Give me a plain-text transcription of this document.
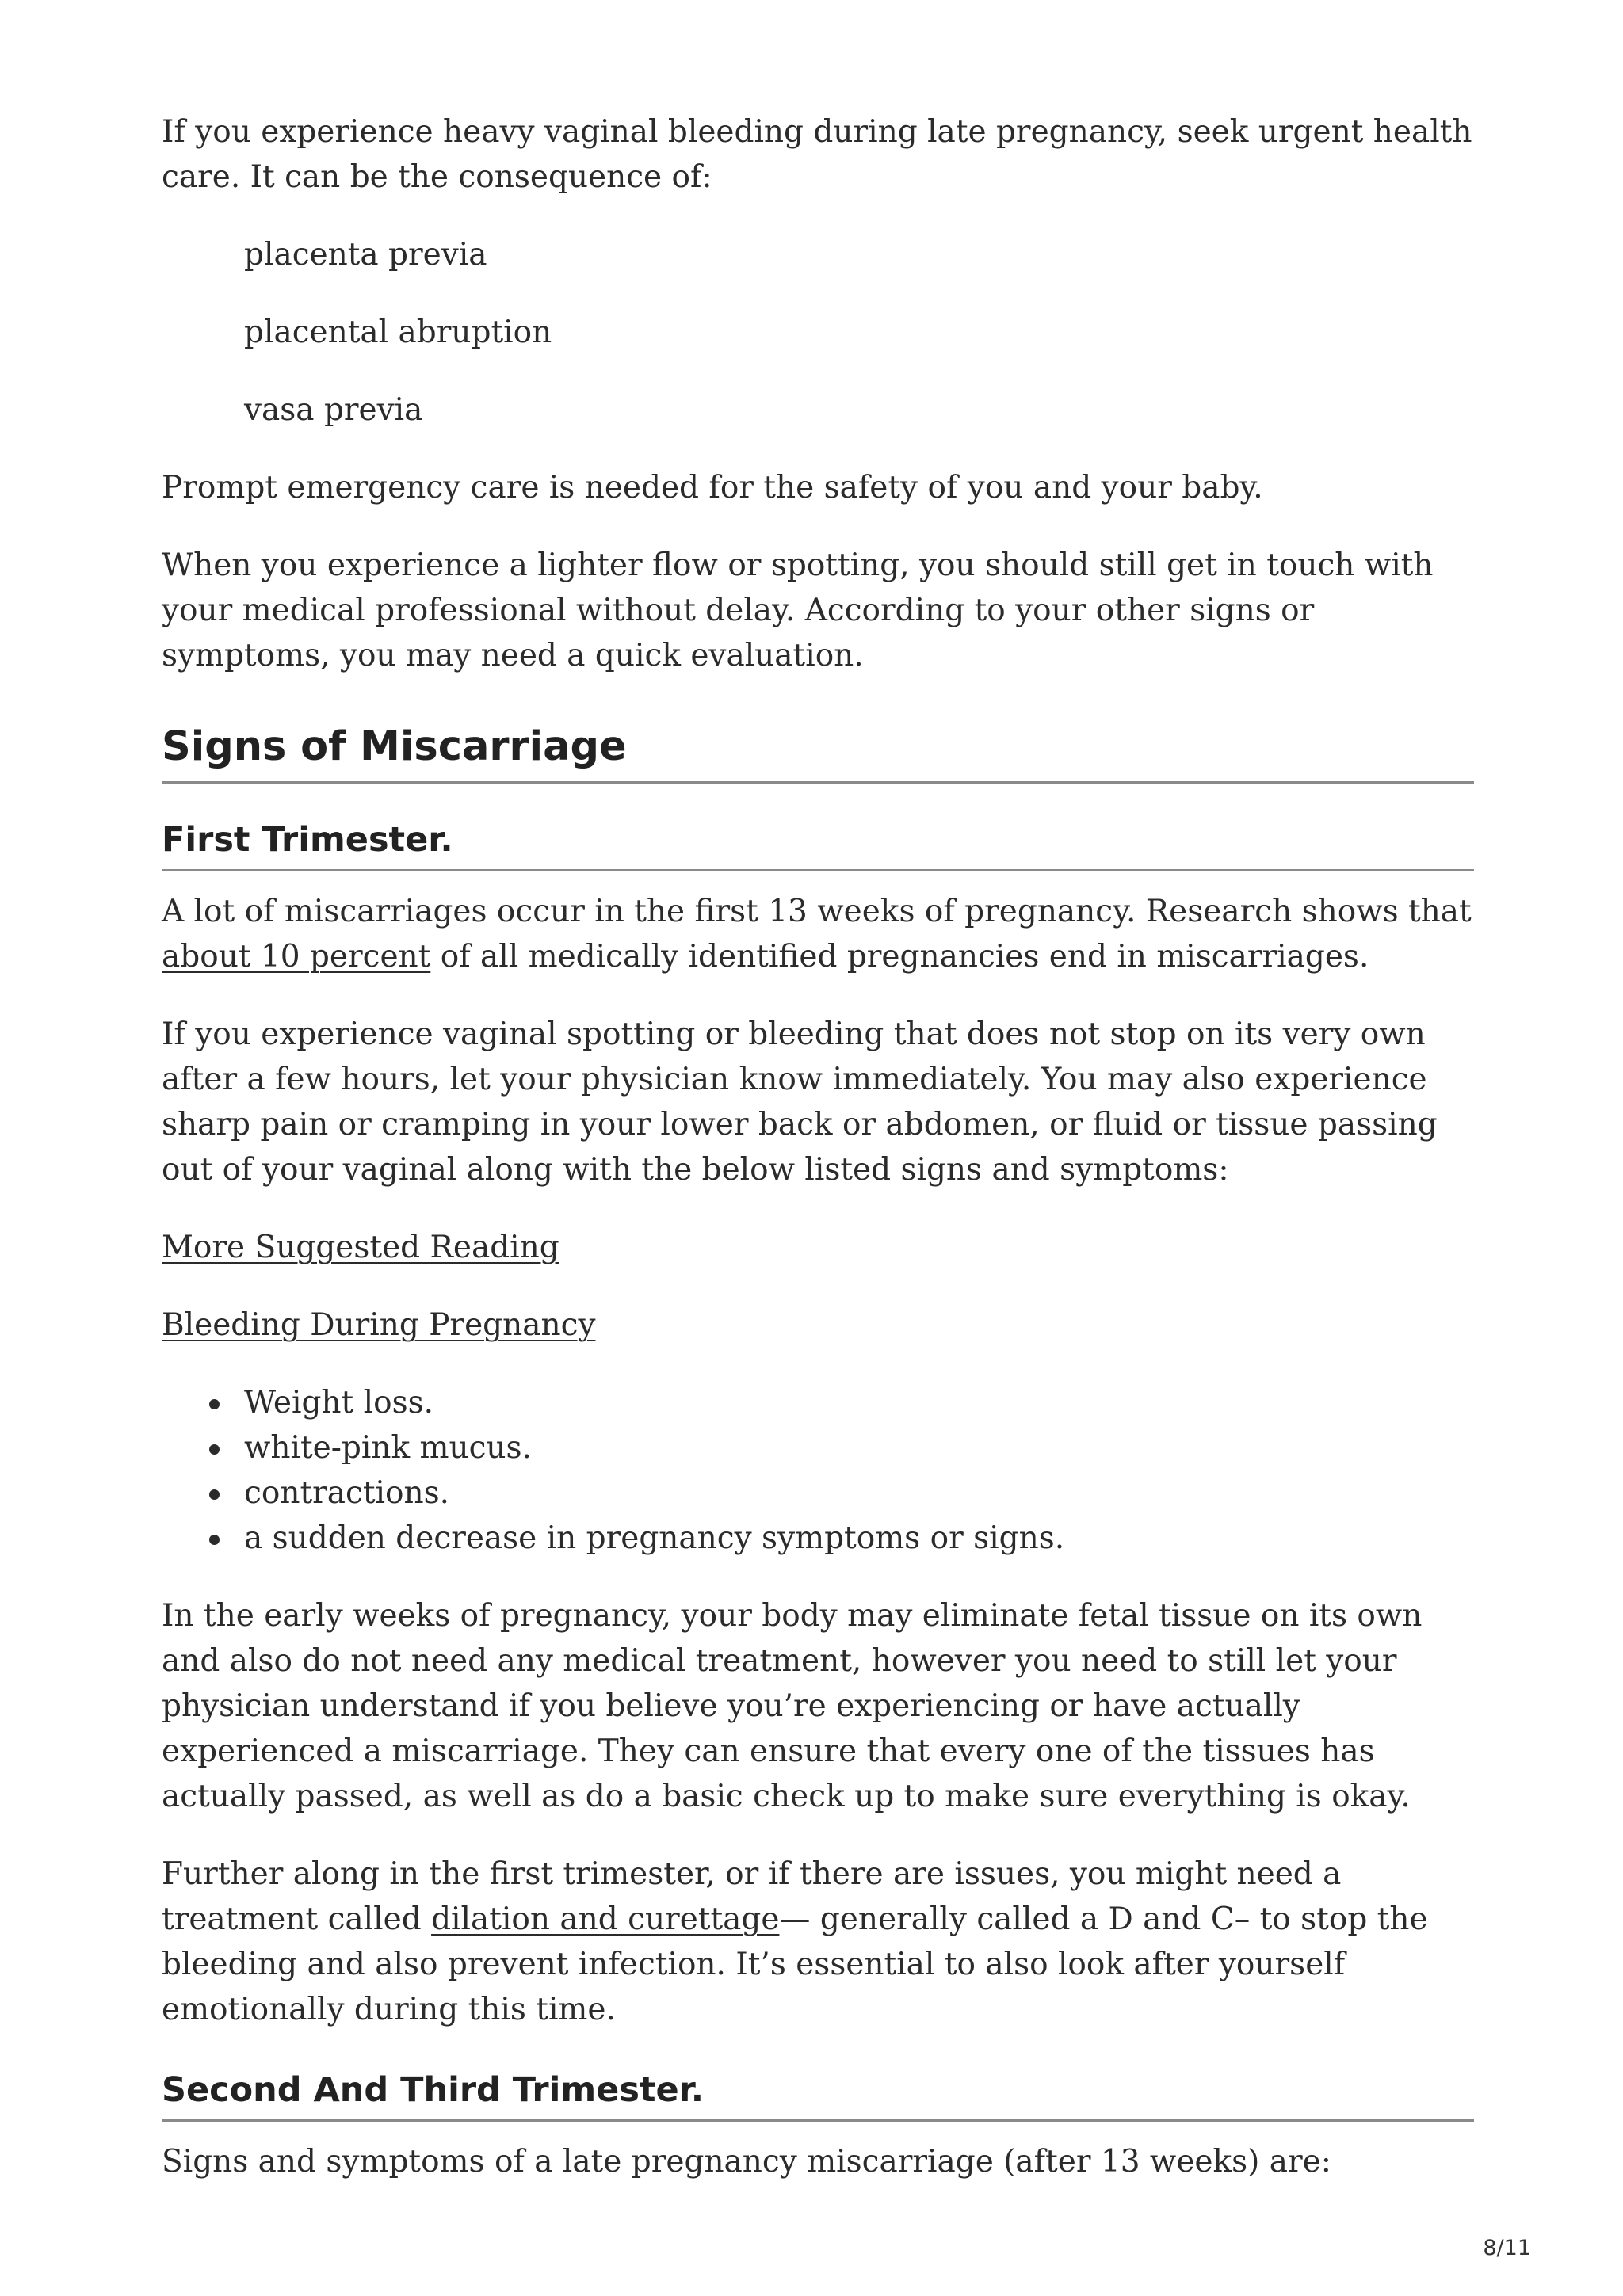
If you experience heavy vaginal bleeding during late pregnancy, seek urgent health care. It can be the consequence of:

placenta previa

placental abruption

vasa previa

Prompt emergency care is needed for the safety of you and your baby.

When you experience a lighter flow or spotting, you should still get in touch with your medical professional without delay. According to your other signs or symptoms, you may need a quick evaluation.

Signs of Miscarriage
First Trimester.

A lot of miscarriages occur in the first 13 weeks of pregnancy. Research shows that about 10 percent of all medically identified pregnancies end in miscarriages.

If you experience vaginal spotting or bleeding that does not stop on its very own after a few hours, let your physician know immediately. You may also experience sharp pain or cramping in your lower back or abdomen, or fluid or tissue passing out of your vaginal along with the below listed signs and symptoms:

More Suggested Reading

Bleeding During Pregnancy

Weight loss.
white-pink mucus.
contractions.
a sudden decrease in pregnancy symptoms or signs.

In the early weeks of pregnancy, your body may eliminate fetal tissue on its own and also do not need any medical treatment, however you need to still let your physician understand if you believe you’re experiencing or have actually experienced a miscarriage. They can ensure that every one of the tissues has actually passed, as well as do a basic check up to make sure everything is okay.

Further along in the first trimester, or if there are issues, you might need a treatment called dilation and curettage— generally called a D and C– to stop the bleeding and also prevent infection. It’s essential to also look after yourself emotionally during this time.

Second And Third Trimester.

Signs and symptoms of a late pregnancy miscarriage (after 13 weeks) are:

8/11
